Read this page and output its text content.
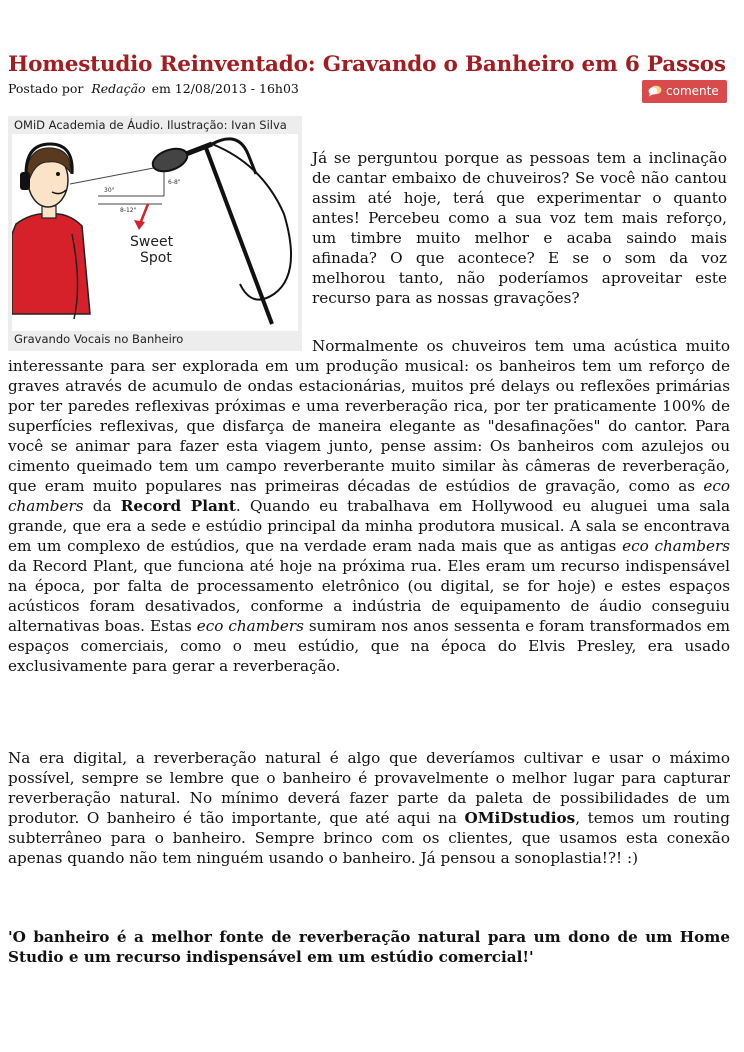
Homestudio Reinventado: Gravando o Banheiro em 6 Passos
Postado por Redação em 12/08/2013 - 16h03	comente
OMiD Academia de Áudio. Ilustração: Ivan Silva
30°
6-8"
8-12"
Sweet Spot
Gravando Vocais no Banheiro

Já se perguntou porque as pessoas tem a inclinação de cantar embaixo de chuveiros? Se você não cantou assim até hoje, terá que experimentar o quanto antes! Percebeu como a sua voz tem mais reforço, um timbre muito melhor e acaba saindo mais afinada? O que acontece? E se o som da voz melhorou tanto, não poderíamos aproveitar este recurso para as nossas gravações?

Normalmente os chuveiros tem uma acústica muito interessante para ser explorada em um produção musical: os banheiros tem um reforço de graves através de acumulo de ondas estacionárias, muitos pré delays ou reflexões primárias por ter paredes reflexivas próximas e uma reverberação rica, por ter praticamente 100% de superfícies reflexivas, que disfarça de maneira elegante as "desafinações" do cantor. Para você se animar para fazer esta viagem junto, pense assim: Os banheiros com azulejos ou cimento queimado tem um campo reverberante muito similar às câmeras de reverberação, que eram muito populares nas primeiras décadas de estúdios de gravação, como as eco chambers da Record Plant. Quando eu trabalhava em Hollywood eu aluguei uma sala grande, que era a sede e estúdio principal da minha produtora musical. A sala se encontrava em um complexo de estúdios, que na verdade eram nada mais que as antigas eco chambers da Record Plant, que funciona até hoje na próxima rua. Eles eram um recurso indispensável na época, por falta de processamento eletrônico (ou digital, se for hoje) e estes espaços acústicos foram desativados, conforme a indústria de equipamento de áudio conseguiu alternativas boas. Estas eco chambers sumiram nos anos sessenta e foram transformados em espaços comerciais, como o meu estúdio, que na época do Elvis Presley, era usado exclusivamente para gerar a reverberação.

Na era digital, a reverberação natural é algo que deveríamos cultivar e usar o máximo possível, sempre se lembre que o banheiro é provavelmente o melhor lugar para capturar reverberação natural. No mínimo deverá fazer parte da paleta de possibilidades de um produtor. O banheiro é tão importante, que até aqui na OMiDstudios, temos um routing subterrâneo para o banheiro. Sempre brinco com os clientes, que usamos esta conexão apenas quando não tem ninguém usando o banheiro. Já pensou a sonoplastia!?! :)

'O banheiro é a melhor fonte de reverberação natural para um dono de um Home Studio e um recurso indispensável em um estúdio comercial!'
